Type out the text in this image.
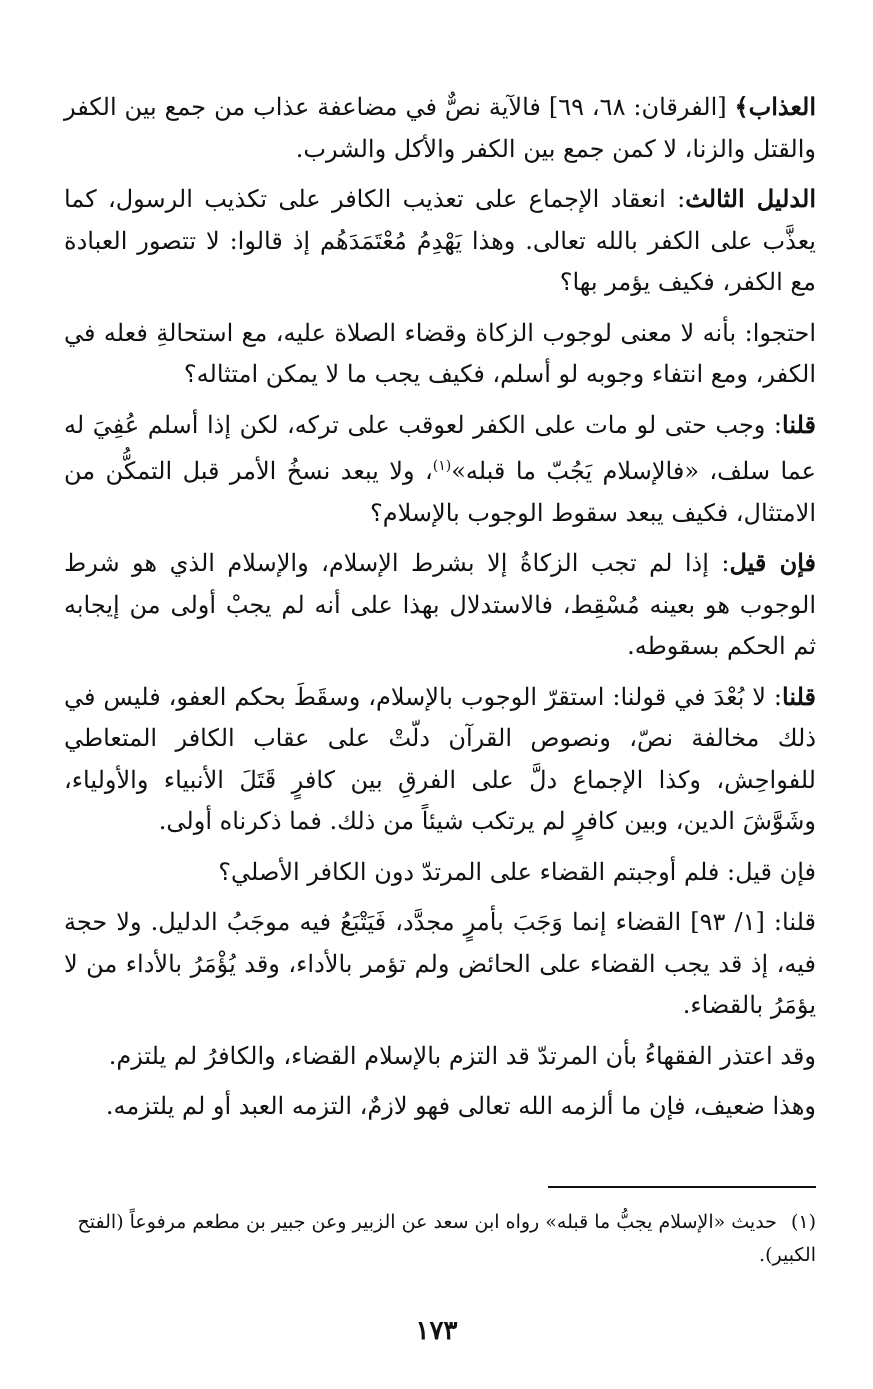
العذاب﴾ [الفرقان: ٦٨، ٦٩] فالآية نصٌّ في مضاعفة عذاب من جمع بين الكفر والقتل والزنا، لا كمن جمع بين الكفر والأكل والشرب.

الدليل الثالث: انعقاد الإجماع على تعذيب الكافر على تكذيب الرسول، كما يعذَّب على الكفر بالله تعالى. وهذا يَهْدِمُ مُعْتَمَدَهُم إذ قالوا: لا تتصور العبادة مع الكفر، فكيف يؤمر بها؟

احتجوا: بأنه لا معنى لوجوب الزكاة وقضاء الصلاة عليه، مع استحالةِ فعله في الكفر، ومع انتفاء وجوبه لو أسلم، فكيف يجب ما لا يمكن امتثاله؟

قلنا: وجب حتى لو مات على الكفر لعوقب على تركه، لكن إذا أسلم عُفِيَ له عما سلف، «فالإسلام يَجُبّ ما قبله»$^{(١)}$، ولا يبعد نسخُ الأمر قبل التمكُّن من الامتثال، فكيف يبعد سقوط الوجوب بالإسلام؟

فإن قيل: إذا لم تجب الزكاةُ إلا بشرط الإسلام، والإسلام الذي هو شرط الوجوب هو بعينه مُسْقِط، فالاستدلال بهذا على أنه لم يجبْ أولى من إيجابه ثم الحكم بسقوطه.

قلنا: لا بُعْدَ في قولنا: استقرّ الوجوب بالإسلام، وسقَطَ بحكم العفو، فليس في ذلك مخالفة نصّ، ونصوص القرآن دلّتْ على عقاب الكافر المتعاطي للفواحِش، وكذا الإجماع دلَّ على الفرقِ بين كافرٍ قَتَلَ الأنبياء والأولياء، وشَوَّشَ الدين، وبين كافرٍ لم يرتكب شيئاً من ذلك. فما ذكرناه أولى.

فإن قيل: فلم أوجبتم القضاء على المرتدّ دون الكافر الأصلي؟

قلنا: [١/ ٩٣] القضاء إنما وَجَبَ بأمرٍ مجدَّد، فَيَتْبَعُ فيه موجَبُ الدليل. ولا حجة فيه، إذ قد يجب القضاء على الحائض ولم تؤمر بالأداء، وقد يُؤْمَرُ بالأداء من لا يؤمَرُ بالقضاء.

وقد اعتذر الفقهاءُ بأن المرتدّ قد التزم بالإسلام القضاء، والكافرُ لم يلتزم.

وهذا ضعيف، فإن ما ألزمه الله تعالى فهو لازمٌ، التزمه العبد أو لم يلتزمه.

(١)حديث «الإسلام يجبُّ ما قبله» رواه ابن سعد عن الزبير وعن جبير بن مطعم مرفوعاً (الفتح الكبير).
١٧٣
